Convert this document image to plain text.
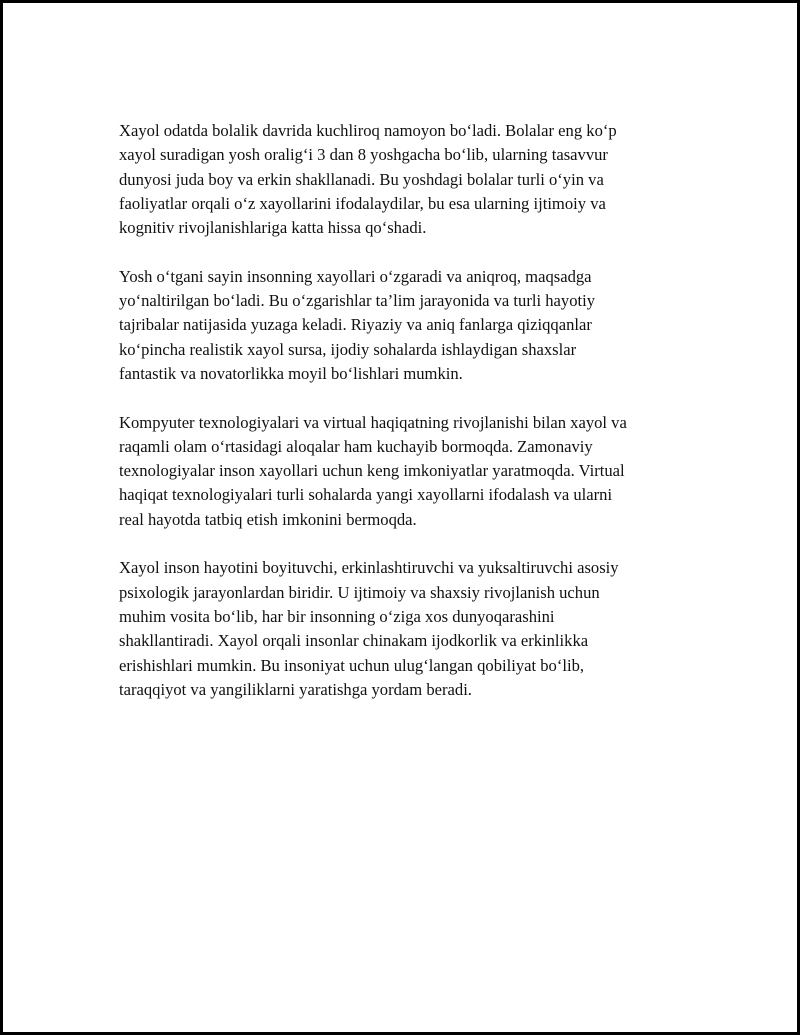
Xayol odatda bolalik davrida kuchliroq namoyon bo‘ladi. Bolalar eng ko‘p
xayol suradigan yosh oralig‘i 3 dan 8 yoshgacha bo‘lib, ularning tasavvur
dunyosi juda boy va erkin shakllanadi. Bu yoshdagi bolalar turli o‘yin va
faoliyatlar orqali o‘z xayollarini ifodalaydilar, bu esa ularning ijtimoiy va
kognitiv rivojlanishlariga katta hissa qo‘shadi.

Yosh o‘tgani sayin insonning xayollari o‘zgaradi va aniqroq, maqsadga
yo‘naltirilgan bo‘ladi. Bu o‘zgarishlar ta’lim jarayonida va turli hayotiy
tajribalar natijasida yuzaga keladi. Riyaziy va aniq fanlarga qiziqqanlar
ko‘pincha realistik xayol sursa, ijodiy sohalarda ishlaydigan shaxslar
fantastik va novatorlikka moyil bo‘lishlari mumkin.

Kompyuter texnologiyalari va virtual haqiqatning rivojlanishi bilan xayol va
raqamli olam o‘rtasidagi aloqalar ham kuchayib bormoqda. Zamonaviy
texnologiyalar inson xayollari uchun keng imkoniyatlar yaratmoqda. Virtual
haqiqat texnologiyalari turli sohalarda yangi xayollarni ifodalash va ularni
real hayotda tatbiq etish imkonini bermoqda.

Xayol inson hayotini boyituvchi, erkinlashtiruvchi va yuksaltiruvchi asosiy
psixologik jarayonlardan biridir. U ijtimoiy va shaxsiy rivojlanish uchun
muhim vosita bo‘lib, har bir insonning o‘ziga xos dunyoqarashini
shakllantiradi. Xayol orqali insonlar chinakam ijodkorlik va erkinlikka
erishishlari mumkin. Bu insoniyat uchun ulug‘langan qobiliyat bo‘lib,
taraqqiyot va yangiliklarni yaratishga yordam beradi.
